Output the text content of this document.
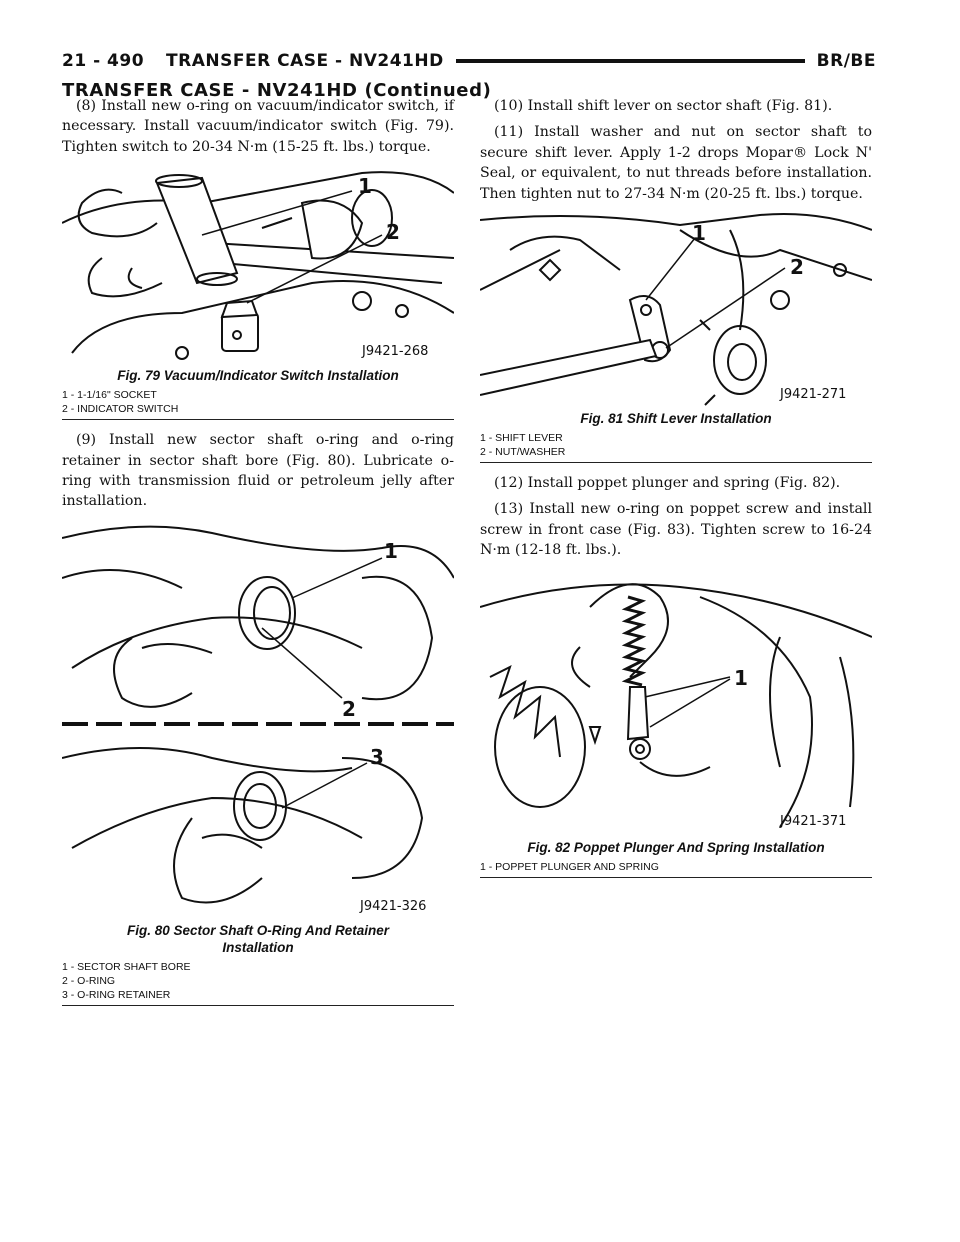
21 - 490 TRANSFER CASE - NV241HD	BR/BE
TRANSFER CASE - NV241HD (Continued)

(8) Install new o-ring on vacuum/indicator switch, if necessary. Install vacuum/indicator switch (Fig. 79). Tighten switch to 20-34 N·m (15-25 ft. lbs.) torque.

1
2
J9421-268
Fig. 79 Vacuum/Indicator Switch Installation
1 - 1-1/16" SOCKET
2 - INDICATOR SWITCH

(9) Install new sector shaft o-ring and o-ring retainer in sector shaft bore (Fig. 80). Lubricate o-ring with transmission fluid or petroleum jelly after installation.

1
2
3
J9421-326
Fig. 80 Sector Shaft O-Ring And Retainer
Installation
1 - SECTOR SHAFT BORE
2 - O-RING
3 - O-RING RETAINER

(10) Install shift lever on sector shaft (Fig. 81).

(11) Install washer and nut on sector shaft to secure shift lever. Apply 1-2 drops Mopar® Lock N' Seal, or equivalent, to nut threads before installation. Then tighten nut to 27-34 N·m (20-25 ft. lbs.) torque.

1
2
J9421-271
Fig. 81 Shift Lever Installation
1 - SHIFT LEVER
2 - NUT/WASHER

(12) Install poppet plunger and spring (Fig. 82).

(13) Install new o-ring on poppet screw and install screw in front case (Fig. 83). Tighten screw to 16-24 N·m (12-18 ft. lbs.).

1
J9421-371
Fig. 82 Poppet Plunger And Spring Installation
1 - POPPET PLUNGER AND SPRING
